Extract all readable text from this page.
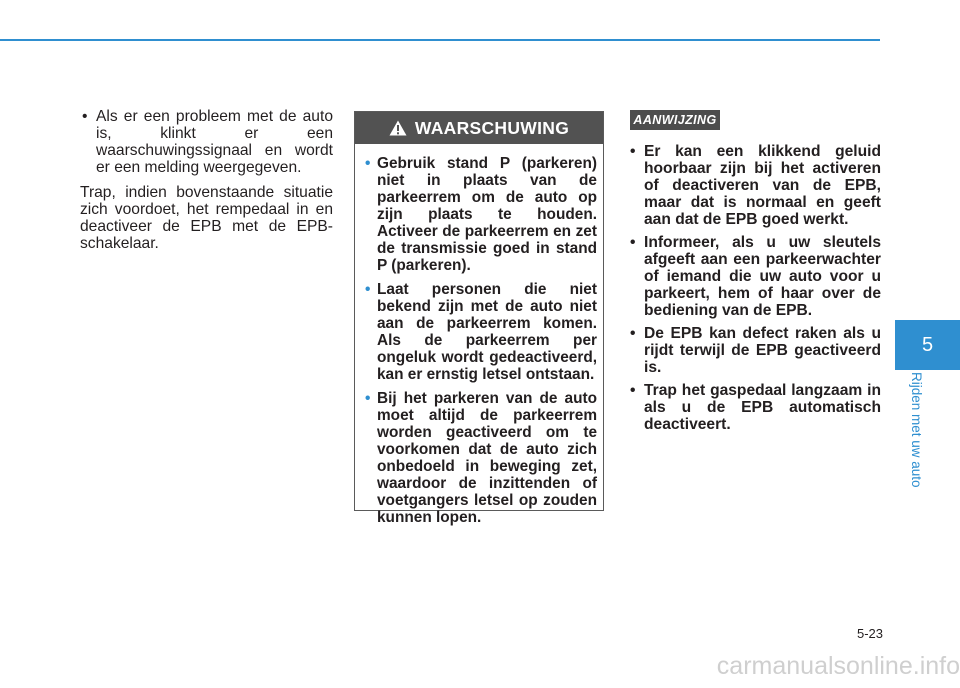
• Als er een probleem met de auto is, klinkt er een waarschuwingssignaal en wordt er een melding weergegeven.

Trap, indien bovenstaande situatie zich voordoet, het rempedaal in en deactiveer de EPB met de EPB-schakelaar.

WAARSCHUWING
• Gebruik stand P (parkeren) niet in plaats van de parkeerrem om de auto op zijn plaats te houden. Activeer de parkeerrem en zet de transmissie goed in stand P (parkeren).
• Laat personen die niet bekend zijn met de auto niet aan de parkeerrem komen. Als de parkeerrem per ongeluk wordt gedeactiveerd, kan er ernstig letsel ontstaan.
• Bij het parkeren van de auto moet altijd de parkeerrem worden geactiveerd om te voorkomen dat de auto zich onbedoeld in beweging zet, waardoor de inzittenden of voetgangers letsel op zouden kunnen lopen.
AANWIJZING
• Er kan een klikkend geluid hoorbaar zijn bij het activeren of deactiveren van de EPB, maar dat is normaal en geeft aan dat de EPB goed werkt.
• Informeer, als u uw sleutels afgeeft aan een parkeerwachter of iemand die uw auto voor u parkeert, hem of haar over de bediening van de EPB.
• De EPB kan defect raken als u rijdt terwijl de EPB geactiveerd is.
• Trap het gaspedaal langzaam in als u de EPB automatisch deactiveert.
5
Rijden met uw auto
5-23
carmanualsonline.info
